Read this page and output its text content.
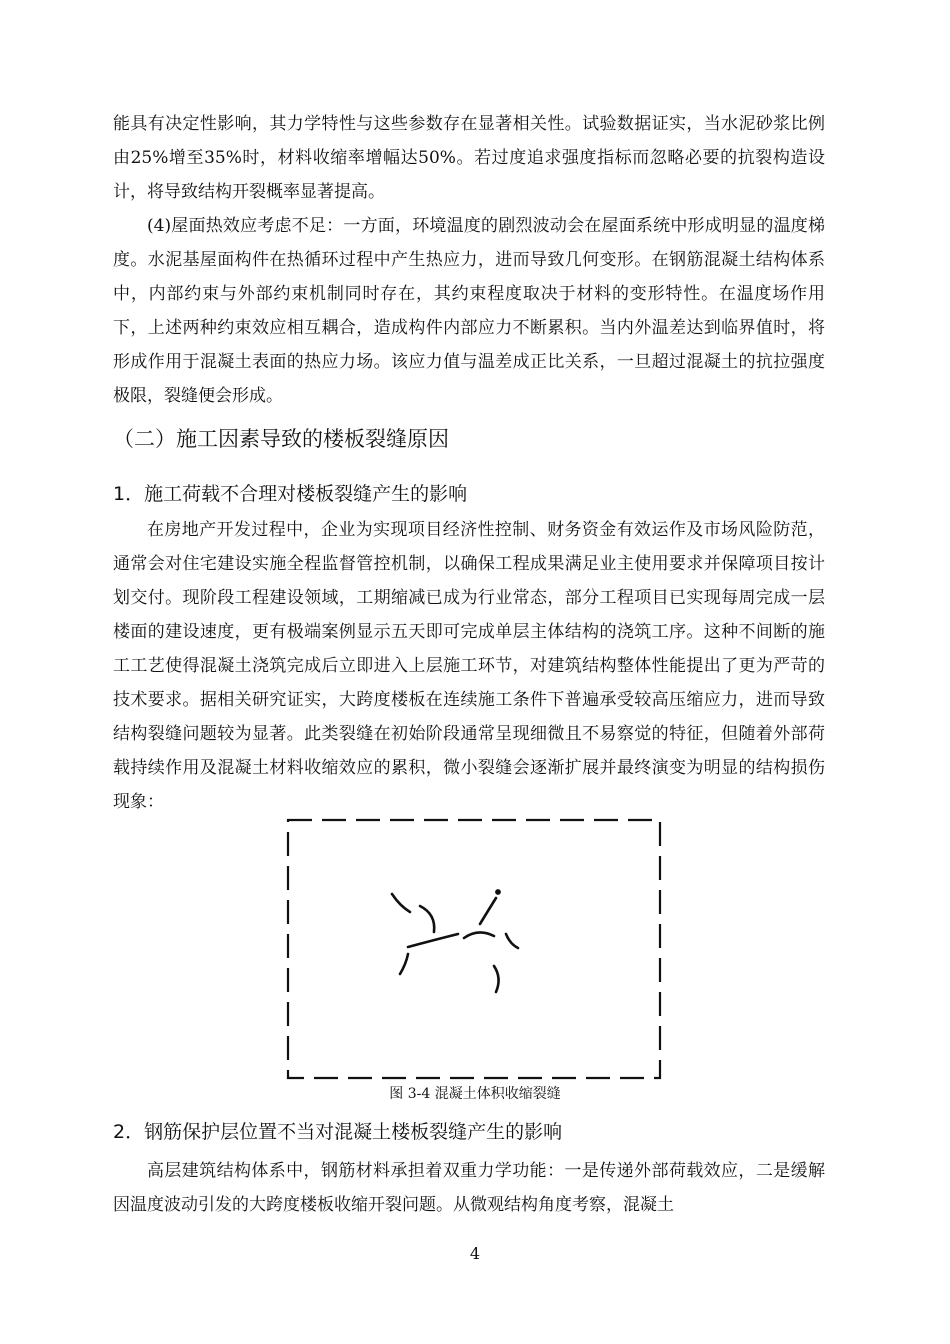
能具有决定性影响，其力学特性与这些参数存在显著相关性。试验数据证实，当水泥砂浆比例由25%增至35%时，材料收缩率增幅达50%。若过度追求强度指标而忽略必要的抗裂构造设计，将导致结构开裂概率显著提高。

(4)屋面热效应考虑不足：一方面，环境温度的剧烈波动会在屋面系统中形成明显的温度梯度。水泥基屋面构件在热循环过程中产生热应力，进而导致几何变形。在钢筋混凝土结构体系中，内部约束与外部约束机制同时存在，其约束程度取决于材料的变形特性。在温度场作用下，上述两种约束效应相互耦合，造成构件内部应力不断累积。当内外温差达到临界值时，将形成作用于混凝土表面的热应力场。该应力值与温差成正比关系，一旦超过混凝土的抗拉强度极限，裂缝便会形成。

（二）施工因素导致的楼板裂缝原因
1．施工荷载不合理对楼板裂缝产生的影响

在房地产开发过程中，企业为实现项目经济性控制、财务资金有效运作及市场风险防范，通常会对住宅建设实施全程监督管控机制，以确保工程成果满足业主使用要求并保障项目按计划交付。现阶段工程建设领域，工期缩减已成为行业常态，部分工程项目已实现每周完成一层楼面的建设速度，更有极端案例显示五天即可完成单层主体结构的浇筑工序。这种不间断的施工工艺使得混凝土浇筑完成后立即进入上层施工环节，对建筑结构整体性能提出了更为严苛的技术要求。据相关研究证实，大跨度楼板在连续施工条件下普遍承受较高压缩应力，进而导致结构裂缝问题较为显著。此类裂缝在初始阶段通常呈现细微且不易察觉的特征，但随着外部荷载持续作用及混凝土材料收缩效应的累积，微小裂缝会逐渐扩展并最终演变为明显的结构损伤现象：

图 3-4 混凝土体积收缩裂缝
2．钢筋保护层位置不当对混凝土楼板裂缝产生的影响

高层建筑结构体系中，钢筋材料承担着双重力学功能：一是传递外部荷载效应，二是缓解因温度波动引发的大跨度楼板收缩开裂问题。从微观结构角度考察，混凝土

4
